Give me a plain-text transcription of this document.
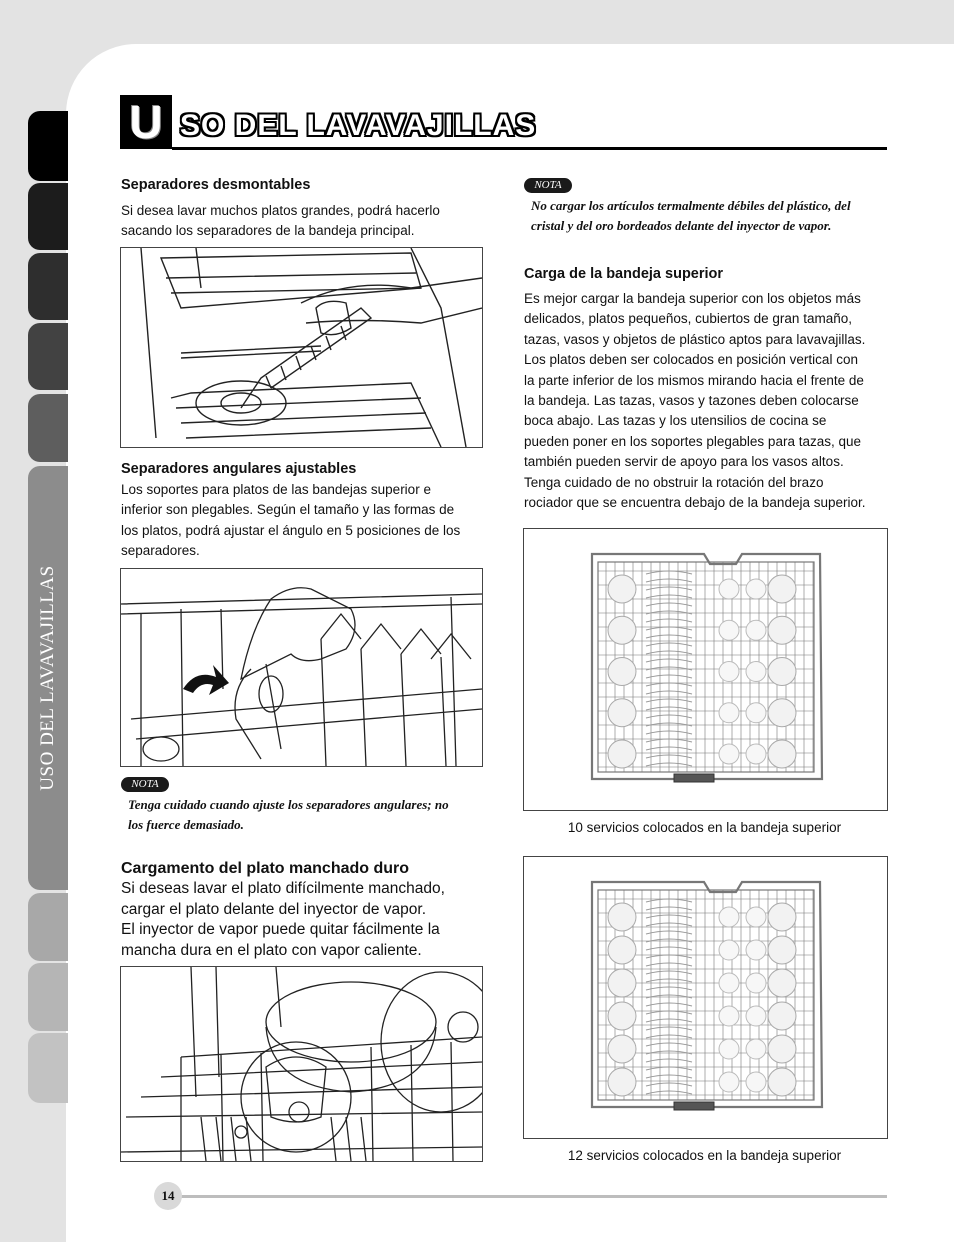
USO DEL LAVAVAJILLAS
U SO DEL LAVAVAJILLAS
Separadores desmontables
Si desea lavar muchos platos grandes, podrá hacerlo
sacando los separadores de la bandeja principal.
Separadores angulares ajustables
Los soportes para platos de las bandejas superior e
inferior son plegables. Según el tamaño y las formas de
los platos, podrá ajustar el ángulo en 5 posiciones de los
separadores.
NOTA
Tenga cuidado cuando ajuste los separadores angulares; no
los fuerce demasiado.
Cargamento del plato manchado duro
Si deseas lavar el plato difícilmente manchado,
cargar el plato delante del inyector de vapor.
El inyector de vapor puede quitar fácilmente la
mancha dura en el plato con vapor caliente.
NOTA
No cargar los artículos termalmente débiles del plástico, del
cristal y del oro bordeados delante del inyector de vapor.
Carga de la bandeja superior
Es mejor cargar la bandeja superior con los objetos más
delicados, platos pequeños, cubiertos de gran tamaño,
tazas, vasos y objetos de plástico aptos para lavavajillas.
Los platos deben ser colocados en posición vertical con
la parte inferior de los mismos mirando hacia el frente de
la bandeja. Las tazas, vasos y tazones deben colocarse
boca abajo. Las tazas y los utensilios de cocina se
pueden poner en los soportes plegables para tazas, que
también pueden servir de apoyo para los vasos altos.
Tenga cuidado de no obstruir la rotación del brazo
rociador que se encuentra debajo de la bandeja superior.
10 servicios colocados en la bandeja superior
12 servicios colocados en la bandeja superior
14
